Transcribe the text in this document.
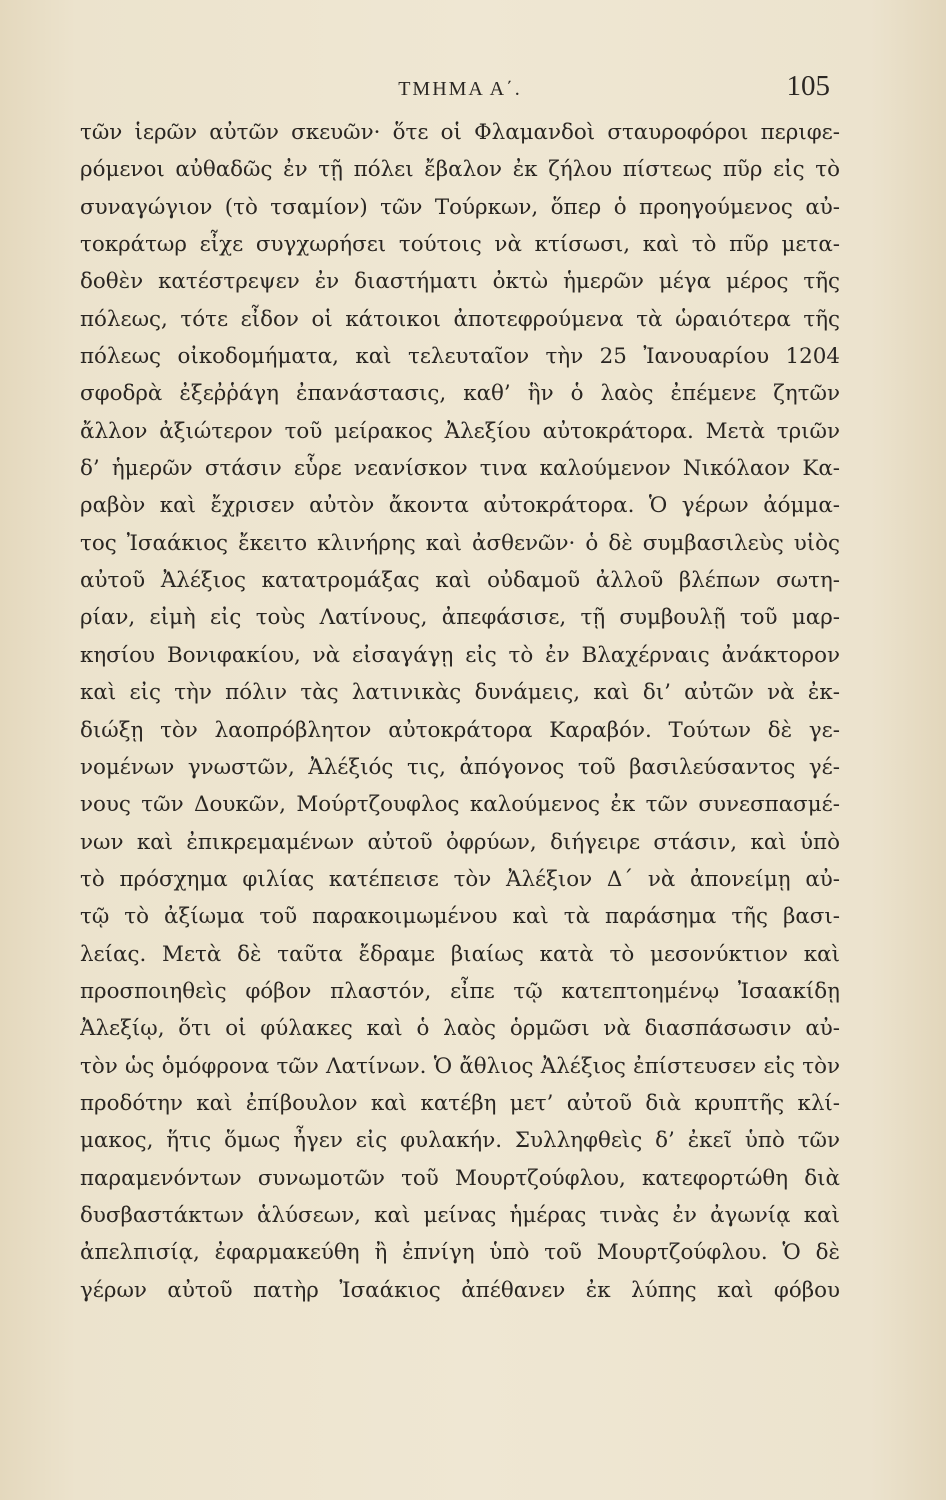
ΤΜΗΜΑ Α΄.	105
τῶν ἱερῶν αὐτῶν σκευῶν· ὅτε οἱ Φλαμανδοὶ σταυροφόροι περιφε-
ρόμενοι αὐθαδῶς ἐν τῇ πόλει ἔβαλον ἐκ ζήλου πίστεως πῦρ εἰς τὸ
συναγώγιον (τὸ τσαμίον) τῶν Τούρκων, ὅπερ ὁ προηγούμενος αὐ-
τοκράτωρ εἶχε συγχωρήσει τούτοις νὰ κτίσωσι, καὶ τὸ πῦρ μετα-
δοθὲν κατέστρεψεν ἐν διαστήματι ὀκτὼ ἡμερῶν μέγα μέρος τῆς
πόλεως, τότε εἶδον οἱ κάτοικοι ἀποτεφρούμενα τὰ ὡραιότερα τῆς
πόλεως οἰκοδομήματα, καὶ τελευταῖον τὴν 25 Ἰανουαρίου 1204
σφοδρὰ ἐξεῤῥάγη ἐπανάστασις, καθ’ ἣν ὁ λαὸς ἐπέμενε ζητῶν
ἄλλον ἀξιώτερον τοῦ μείρακος Ἀλεξίου αὐτοκράτορα. Μετὰ τριῶν
δ’ ἡμερῶν στάσιν εὗρε νεανίσκον τινα καλούμενον Νικόλαον Κα-
ραβὸν καὶ ἔχρισεν αὐτὸν ἄκοντα αὐτοκράτορα. Ὁ γέρων ἀόμμα-
τος Ἰσαάκιος ἔκειτο κλινήρης καὶ ἀσθενῶν· ὁ δὲ συμβασιλεὺς υἱὸς
αὐτοῦ Ἀλέξιος κατατρομάξας καὶ οὐδαμοῦ ἀλλοῦ βλέπων σωτη-
ρίαν, εἰμὴ εἰς τοὺς Λατίνους, ἀπεφάσισε, τῇ συμβουλῇ τοῦ μαρ-
κησίου Βονιφακίου, νὰ εἰσαγάγῃ εἰς τὸ ἐν Βλαχέρναις ἀνάκτορον
καὶ εἰς τὴν πόλιν τὰς λατινικὰς δυνάμεις, καὶ δι’ αὐτῶν νὰ ἐκ-
διώξῃ τὸν λαοπρόβλητον αὐτοκράτορα Καραβόν. Τούτων δὲ γε-
νομένων γνωστῶν, Ἀλέξιός τις, ἀπόγονος τοῦ βασιλεύσαντος γέ-
νους τῶν Δουκῶν, Μούρτζουφλος καλούμενος ἐκ τῶν συνεσπασμέ-
νων καὶ ἐπικρεμαμένων αὐτοῦ ὀφρύων, διήγειρε στάσιν, καὶ ὑπὸ
τὸ πρόσχημα φιλίας κατέπεισε τὸν Ἀλέξιον Δ΄ νὰ ἀπονείμῃ αὐ-
τῷ τὸ ἀξίωμα τοῦ παρακοιμωμένου καὶ τὰ παράσημα τῆς βασι-
λείας. Μετὰ δὲ ταῦτα ἔδραμε βιαίως κατὰ τὸ μεσονύκτιον καὶ
προσποιηθεὶς φόβον πλαστόν, εἶπε τῷ κατεπτοημένῳ Ἰσαακίδῃ
Ἀλεξίῳ, ὅτι οἱ φύλακες καὶ ὁ λαὸς ὁρμῶσι νὰ διασπάσωσιν αὐ-
τὸν ὡς ὁμόφρονα τῶν Λατίνων. Ὁ ἄθλιος Ἀλέξιος ἐπίστευσεν εἰς τὸν
προδότην καὶ ἐπίβουλον καὶ κατέβη μετ’ αὐτοῦ διὰ κρυπτῆς κλί-
μακος, ἥτις ὅμως ἦγεν εἰς φυλακήν. Συλληφθεὶς δ’ ἐκεῖ ὑπὸ τῶν
παραμενόντων συνωμοτῶν τοῦ Μουρτζούφλου, κατεφορτώθη διὰ
δυσβαστάκτων ἁλύσεων, καὶ μείνας ἡμέρας τινὰς ἐν ἀγωνίᾳ καὶ
ἀπελπισίᾳ, ἐφαρμακεύθη ἢ ἐπνίγη ὑπὸ τοῦ Μουρτζούφλου. Ὁ δὲ
γέρων αὐτοῦ πατὴρ Ἰσαάκιος ἀπέθανεν ἐκ λύπης καὶ φόβου
